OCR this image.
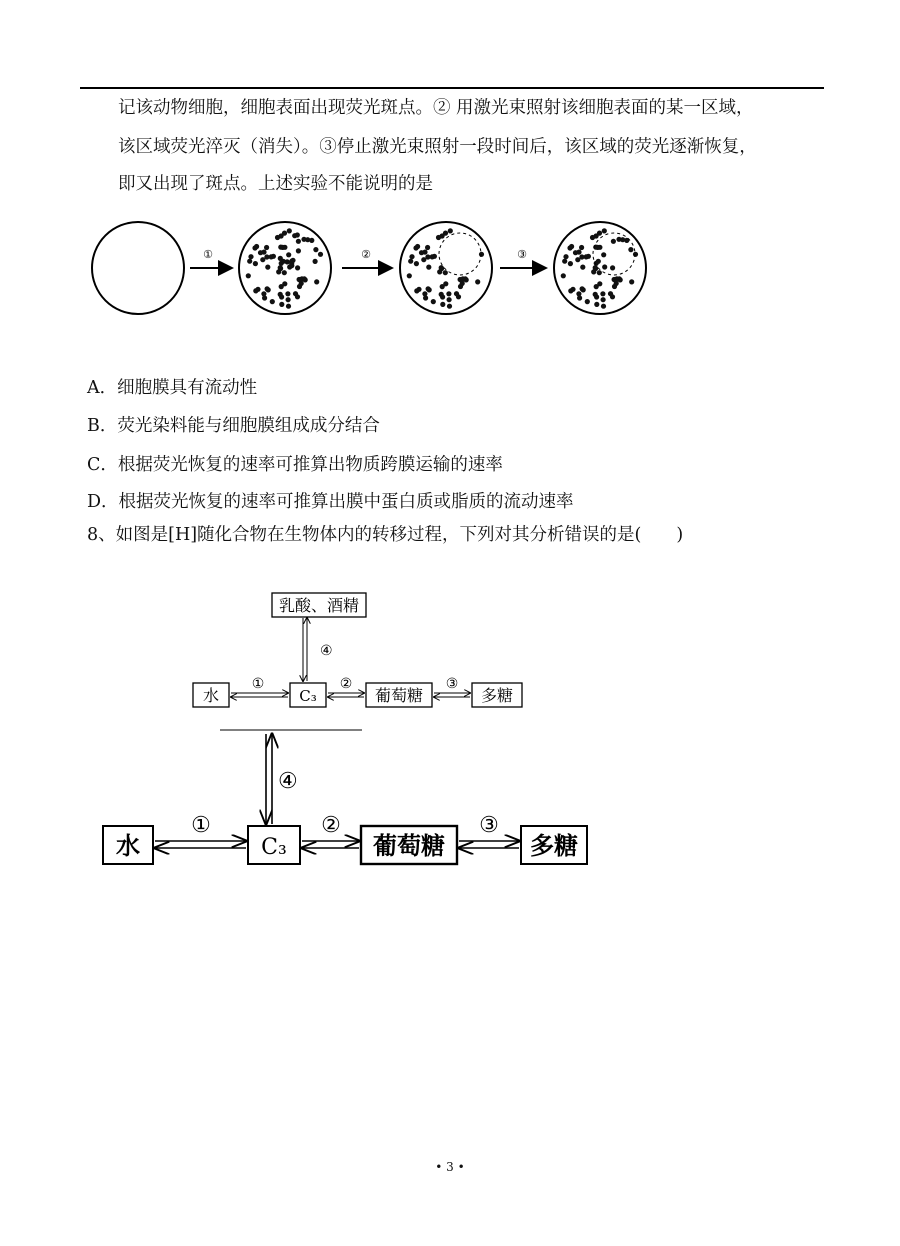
记该动物细胞，细胞表面出现荧光斑点。② 用激光束照射该细胞表面的某一区域，
该区域荧光淬灭（消失）。③停止激光束照射一段时间后，该区域的荧光逐渐恢复，
即又出现了斑点。上述实验不能说明的是
①	②	③
A．细胞膜具有流动性
B．荧光染料能与细胞膜组成成分结合
C．根据荧光恢复的速率可推算出物质跨膜运输的速率
D．根据荧光恢复的速率可推算出膜中蛋白质或脂质的流动速率
8、如图是[H]随化合物在生物体内的转移过程，下列对其分析错误的是(　　)
乳酸、酒精
水	C₃	葡萄糖	多糖
④
①	②	③
水	C₃	葡萄糖	多糖
④
①	②	③
• 3 •
